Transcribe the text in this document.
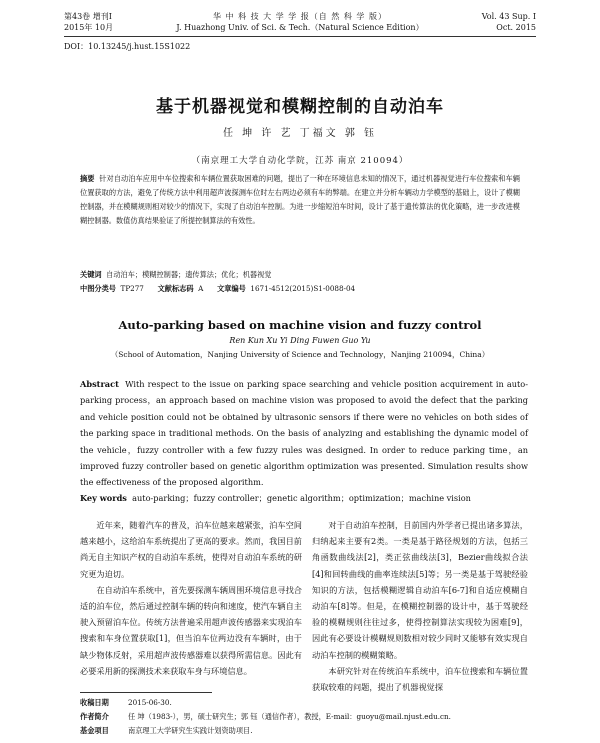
第43卷 增刊Ⅰ
2015年 10月
华 中 科 技 大 学 学 报（自 然 科 学 版）
J. Huazhong Univ. of Sci. & Tech.（Natural Science Edition）
Vol. 43 Sup. Ⅰ
Oct. 2015
DOI：10.13245/j.hust.15S1022
基于机器视觉和模糊控制的自动泊车
任 坤 许 艺 丁福文 郭 钰
（南京理工大学自动化学院，江苏 南京 210094）
摘要 针对自动泊车应用中车位搜索和车辆位置获取困难的问题，提出了一种在环境信息未知的情况下，通过机器视觉进行车位搜索和车辆位置获取的方法，避免了传统方法中利用超声波探测车位时左右两边必须有车的弊端。在建立并分析车辆动力学模型的基础上，设计了模糊控制器，并在模糊规则相对较少的情况下，实现了自动泊车控制。为进一步缩短泊车时间，设计了基于遗传算法的优化策略，进一步改进模糊控制器。数值仿真结果验证了所提控制算法的有效性。
关键词 自动泊车；模糊控制器；遗传算法；优化；机器视觉
中图分类号 TP277 文献标志码 A 文章编号 1671-4512(2015)S1-0088-04
Auto-parking based on machine vision and fuzzy control
Ren Kun Xu Yi Ding Fuwen Guo Yu
（School of Automation，Nanjing University of Science and Technology，Nanjing 210094，China）
Abstract With respect to the issue on parking space searching and vehicle position acquirement in auto-parking process，an approach based on machine vision was proposed to avoid the defect that the parking and vehicle position could not be obtained by ultrasonic sensors if there were no vehicles on both sides of the parking space in traditional methods. On the basis of analyzing and establishing the dynamic model of the vehicle，fuzzy controller with a few fuzzy rules was designed. In order to reduce parking time，an improved fuzzy controller based on genetic algorithm optimization was presented. Simulation results show the effectiveness of the proposed algorithm.
Key words auto-parking；fuzzy controller；genetic algorithm；optimization；machine vision

近年来，随着汽车的普及，泊车位越来越紧张，泊车空间越来越小，这给泊车系统提出了更高的要求。然而，我国目前尚无自主知识产权的自动泊车系统，使得对自动泊车系统的研究更为迫切。

在自动泊车系统中，首先要探测车辆周围环境信息寻找合适的泊车位，然后通过控制车辆的转向和速度，使汽车辆自主驶入预留泊车位。传统方法普遍采用超声波传感器来实现泊车搜索和车身位置获取[1]，但当泊车位两边没有车辆时，由于缺少物体反射，采用超声波传感器难以获得所需信息。因此有必要采用新的探测技术来获取车身与环境信息。

对于自动泊车控制，目前国内外学者已提出诸多算法，归纳起来主要有2类。一类是基于路径规划的方法，包括三角函数曲线法[2]，类正弦曲线法[3]，Bezier曲线拟合法[4]和回转曲线的曲率连续法[5]等；另一类是基于驾驶经验知识的方法，包括模糊逻辑自动泊车[6-7]和自适应模糊自动泊车[8]等。但是，在模糊控制器的设计中，基于驾驶经验的模糊规则往往过多，使得控制算法实现较为困难[9]，因此有必要设计模糊规则数相对较少同时又能够有效实现自动泊车控制的模糊策略。

本研究针对在传统泊车系统中，泊车位搜索和车辆位置获取较难的问题，提出了机器视觉探

收稿日期	2015-06-30.
作者简介	任 坤（1983-），男，硕士研究生；郭 钰（通信作者），教授，E-mail：guoyu@mail.njust.edu.cn.
基金项目	南京理工大学研究生实践计划资助项目.
